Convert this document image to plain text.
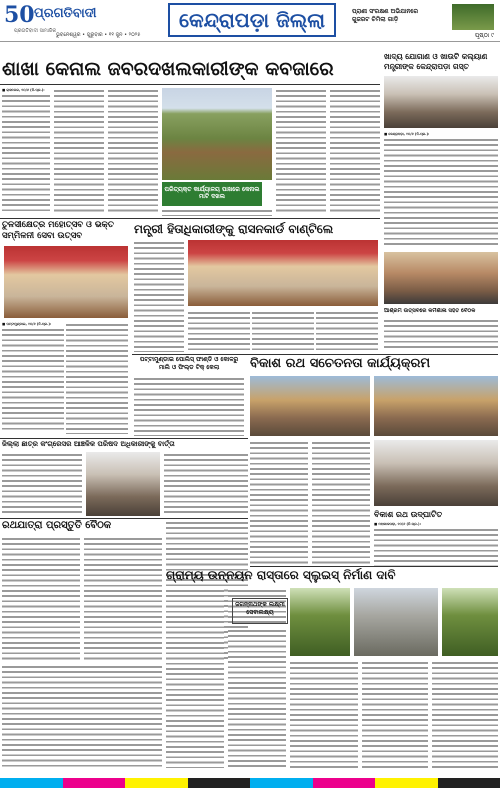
50 ପ୍ରଗତିବାଦୀ
ପ୍ରଗତିବାଦୀ ସାମାଜିକ
ଭୁବନେଶ୍ୱର • ଗୁରୁବାର • ୧୧ ଜୁନ • ୨୦୨୫
କେନ୍ଦ୍ରାପଡ଼ା ଜିଲ୍ଲା	ପ୍ରାଣୀ ସଂରକ୍ଷଣ ଅଭିଯାନରେ
ଗୁଜରଟ ଚିମିଲା ଗାଡ଼ି
ପୃଷ୍ଠା ୯
ଶାଖା କେନାଲ ଜବରଦଖଲକାରୀଙ୍କ କବଜାରେ
ଖାଦ୍ୟ ଯୋଗାଣ ଓ ଖାଉଟି କଲ୍ୟାଣ ମନ୍ତ୍ରୀଙ୍କ କେନ୍ଦ୍ରାପଡ଼ା ଗସ୍ତ
■ କେନ୍ଦ୍ରାପଡ଼ା, ୧୦/୬ (ନି.ପ୍ର.):
■ ରାଜନଗର, ୧୦/୬ (ନି.ପ୍ର.):
ପରିତ୍ୟକ୍ତ କାର୍ଯ୍ୟାଳୟ ପାଖରେ କେନାଲ ମାଟି ଦଖଲ
ତୁଳସୀକ୍ଷେତ୍ର ମହୋତ୍ସବ ଓ ଭକ୍ତ ସମ୍ମିଳନୀ ସେବା ଉତ୍ସବ
■ ପଟ୍ଟାମୁଣ୍ଡାଇ, ୧୦/୬ (ନି.ପ୍ର.):
ମନ୍ତ୍ରୀ ହିତାଧିକାରୀଙ୍କୁ ରାସନକାର୍ଡ ବାଣ୍ଟିଲେ
ଆଶ୍ରମ ଉତ୍ସବରେ କର୍ମଶାଳା ସହିତ ବୈଠକ
ପଟ୍ଟାମୁଣ୍ଡାଇ ପୋଲିସ୍ ଫାଣ୍ଡି ଓ କୋଳରୁ ମାଲି ଓ ଫିଲ୍ଡ ଟିକ୍ କେଲା	ବିକାଶ ରଥ ସଚେତନତା କାର୍ଯ୍ୟକ୍ରମ
ଜିଲ୍ଲା ଛାତ୍ର କଂଗ୍ରେସର ଆଞ୍ଚଳିକ ପରିଷଦ ଅଧିକାରୀଙ୍କୁ ବାର୍ତ୍ତା
ବିକାଶ ରଥ ଉଦ୍‌ଘାଟିତ
■ ମହାକାଳପଡ଼ା, ୧୦/୬ (ନି.ପ୍ର.):
ରଥଯାତ୍ରା ପ୍ରସ୍ତୁତି ବୈଠକ
ଗ୍ରାମ୍ୟ ଉନ୍ନୟନ ରାସ୍ତାରେ ସ୍ଲୁଇସ୍ ନିର୍ମାଣ ଦାବି
ଜଗନ୍ନାଥଙ୍କ ଲକ୍ଷ୍ମୀ ସେବାଲକ୍ଷ୍ୟ
